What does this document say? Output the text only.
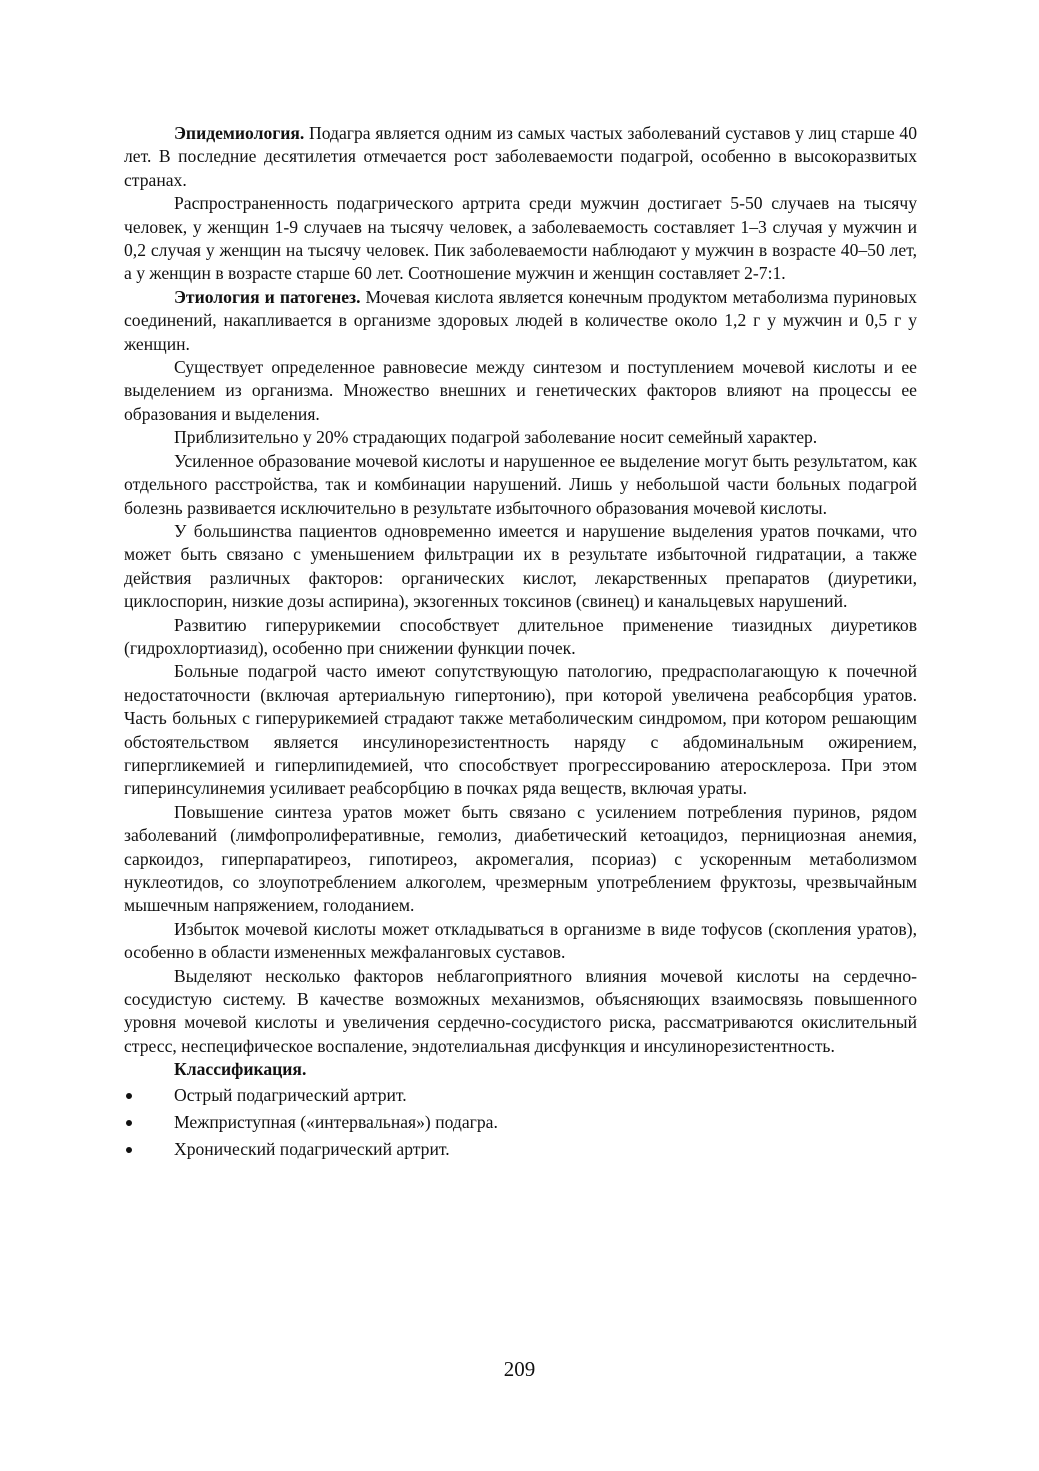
Эпидемиология. Подагра является одним из самых частых заболеваний суставов у лиц старше 40 лет. В последние десятилетия отмечается рост заболеваемости подагрой, особенно в высокоразвитых странах.

Распространенность подагрического артрита среди мужчин достигает 5-50 случаев на тысячу человек, у женщин 1-9 случаев на тысячу человек, а заболеваемость составляет 1–3 случая у мужчин и 0,2 случая у женщин на тысячу человек. Пик заболеваемости наблюдают у мужчин в возрасте 40–50 лет, а у женщин в возрасте старше 60 лет. Соотношение мужчин и женщин составляет 2-7:1.

Этиология и патогенез. Мочевая кислота является конечным продуктом метаболизма пуриновых соединений, накапливается в организме здоровых людей в количестве около 1,2 г у мужчин и 0,5 г у женщин.

Существует определенное равновесие между синтезом и поступлением мочевой кислоты и ее выделением из организма. Множество внешних и генетических факторов влияют на процессы ее образования и выделения.

Приблизительно у 20% страдающих подагрой заболевание носит семейный характер.

Усиленное образование мочевой кислоты и нарушенное ее выделение могут быть результатом, как отдельного расстройства, так и комбинации нарушений. Лишь у небольшой части больных подагрой болезнь развивается исключительно в результате избыточного образования мочевой кислоты.

У большинства пациентов одновременно имеется и нарушение выделения уратов почками, что может быть связано с уменьшением фильтрации их в результате избыточной гидратации, а также действия различных факторов: органических кислот, лекарственных препаратов (диуретики, циклоспорин, низкие дозы аспирина), экзогенных токсинов (свинец) и канальцевых нарушений.

Развитию гиперурикемии способствует длительное применение тиазидных диуретиков (гидрохлортиазид), особенно при снижении функции почек.

Больные подагрой часто имеют сопутствующую патологию, предрасполагающую к почечной недостаточности (включая артериальную гипертонию), при которой увеличена реабсорбция уратов. Часть больных с гиперурикемией страдают также метаболическим синдромом, при котором решающим обстоятельством является инсулинорезистентность наряду с абдоминальным ожирением, гипергликемией и гиперлипидемией, что способствует прогрессированию атеросклероза. При этом гиперинсулинемия усиливает реабсорбцию в почках ряда веществ, включая ураты.

Повышение синтеза уратов может быть связано с усилением потребления пуринов, рядом заболеваний (лимфопролиферативные, гемолиз, диабетический кетоацидоз, пернициозная анемия, саркоидоз, гиперпаратиреоз, гипотиреоз, акромегалия, псориаз) с ускоренным метаболизмом нуклеотидов, со злоупотреблением алкоголем, чрезмерным употреблением фруктозы, чрезвычайным мышечным напряжением, голоданием.

Избыток мочевой кислоты может откладываться в организме в виде тофусов (скопления уратов), особенно в области измененных межфаланговых суставов.

Выделяют несколько факторов неблагоприятного влияния мочевой кислоты на сердечно-сосудистую систему. В качестве возможных механизмов, объясняющих взаимосвязь повышенного уровня мочевой кислоты и увеличения сердечно-сосудистого риска, рассматриваются окислительный стресс, неспецифическое воспаление, эндотелиальная дисфункция и инсулинорезистентность.

Классификация.
Острый подагрический артрит.
Межприступная («интервальная») подагра.
Хронический подагрический артрит.
209
